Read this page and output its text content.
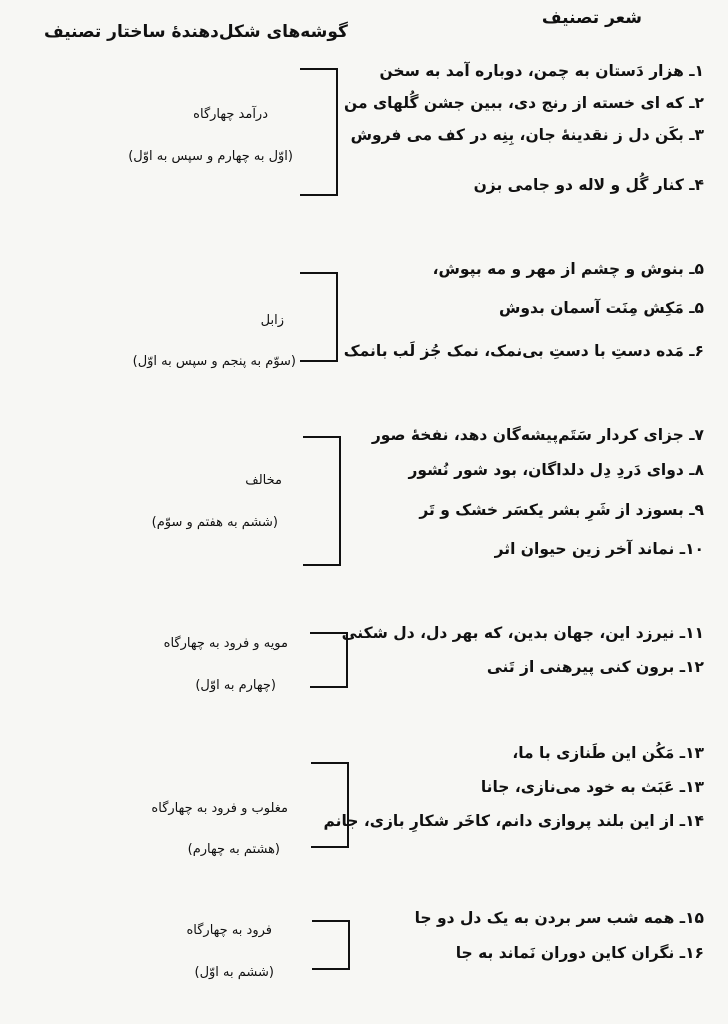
شعر تصنیف
گوشه‌های شکل‌دهندهٔ ساختار تصنیف
۱ـ هزار دَستان به چمن، دوباره آمد به سخن
۲ـ که ای خسته از رنج دی، ببین جشن گُلهای من
۳ـ بکَن دل ز نقدینهٔ جان، بِنِه در کف می فروش
۴ـ کنار گُل و لاله دو جامی بزن
۵ـ بنوش و چشم از مهر و مه بپوش،
۵ـ مَکِش مِنَت آسمان بدوش
۶ـ مَده دستِ با دستِ بی‌نمک، نمک جُز لَب بانمک
۷ـ جزای کردار سَتَم‌پیشه‌گان دهد، نفخهٔ صور
۸ـ دوای دَردِ دِل دلداگان، بود شور نُشور
۹ـ بسوزد از شَرِ بشر یکسَر خشک و تَر
۱۰ـ نماند آخر زین حیوان اثر
۱۱ـ نیرزد این، جهان بدین، که بهر دل، دل شکنی
۱۲ـ برون کنی پیرهنی از تَنی
۱۳ـ مَکُن این طَنازی با ما،
۱۳ـ عَبَث به خود می‌نازی، جانا
۱۴ـ از این بلند پروازی دانم، کاخَر شکارِ بازی، جانم
۱۵ـ همه شب سر بردن به یک دل دو جا
۱۶ـ نگران کاین دوران نَماند به جا
درآمد چهارگاه
(اوّل به چهارم و سپس به اوّل)
زابل
(سوّم به پنجم و سپس به اوّل)
مخالف
(ششم به هفتم و سوّم)
مویه و فرود به چهارگاه
(چهارم به اوّل)
مغلوب و فرود به چهارگاه
(هشتم به چهارم)
فرود به چهارگاه
(ششم به اوّل)
